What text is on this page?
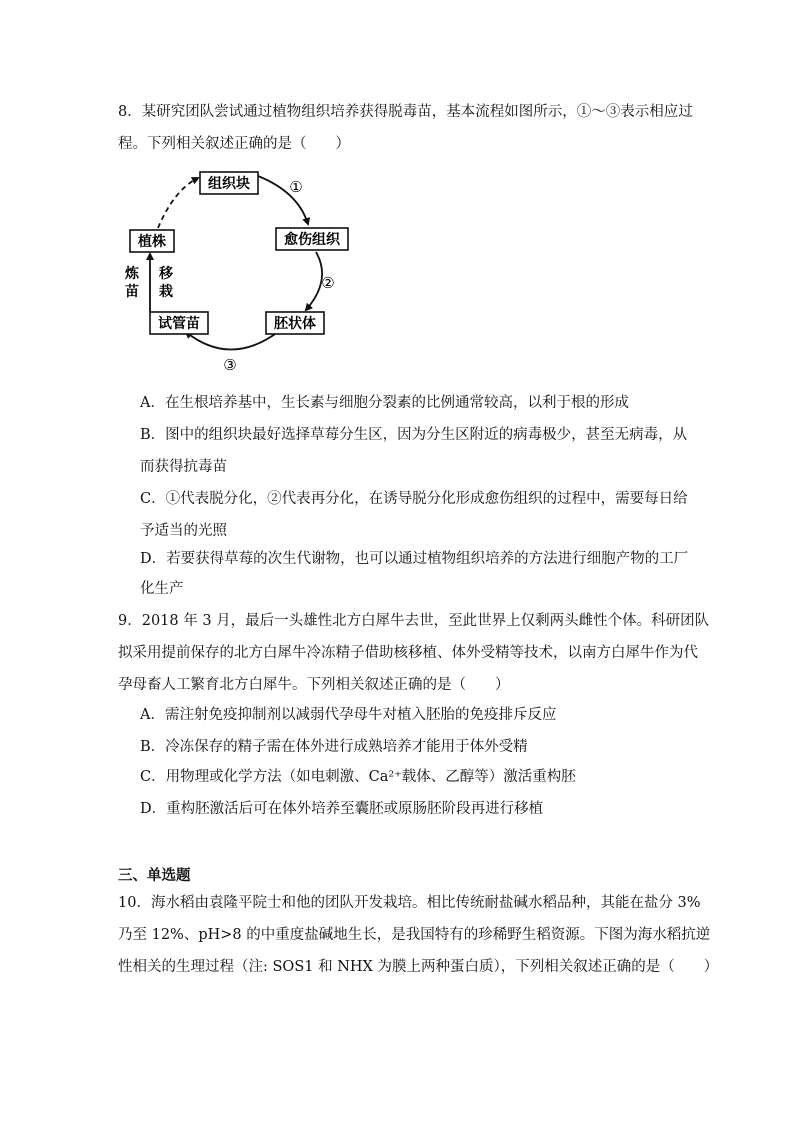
8．某研究团队尝试通过植物组织培养获得脱毒苗，基本流程如图所示，①～③表示相应过
程。下列相关叙述正确的是（　　）
组织块
愈伤组织
胚状体
试管苗
植株
①
②
③
炼
苗
移
栽
A．在生根培养基中，生长素与细胞分裂素的比例通常较高，以利于根的形成
B．图中的组织块最好选择草莓分生区，因为分生区附近的病毒极少，甚至无病毒，从
而获得抗毒苗
C．①代表脱分化，②代表再分化，在诱导脱分化形成愈伤组织的过程中，需要每日给
予适当的光照
D．若要获得草莓的次生代谢物，也可以通过植物组织培养的方法进行细胞产物的工厂
化生产
9．2018 年 3 月，最后一头雄性北方白犀牛去世，至此世界上仅剩两头雌性个体。科研团队
拟采用提前保存的北方白犀牛冷冻精子借助核移植、体外受精等技术，以南方白犀牛作为代
孕母畜人工繁育北方白犀牛。下列相关叙述正确的是（　　）
A．需注射免疫抑制剂以减弱代孕母牛对植入胚胎的免疫排斥反应
B．冷冻保存的精子需在体外进行成熟培养才能用于体外受精
C．用物理或化学方法（如电刺激、Ca²⁺载体、乙醇等）激活重构胚
D．重构胚激活后可在体外培养至囊胚或原肠胚阶段再进行移植
三、单选题
10．海水稻由袁隆平院士和他的团队开发栽培。相比传统耐盐碱水稻品种，其能在盐分 3%
乃至 12%、pH>8 的中重度盐碱地生长，是我国特有的珍稀野生稻资源。下图为海水稻抗逆
性相关的生理过程（注: SOS1 和 NHX 为膜上两种蛋白质），下列相关叙述正确的是（　　）
